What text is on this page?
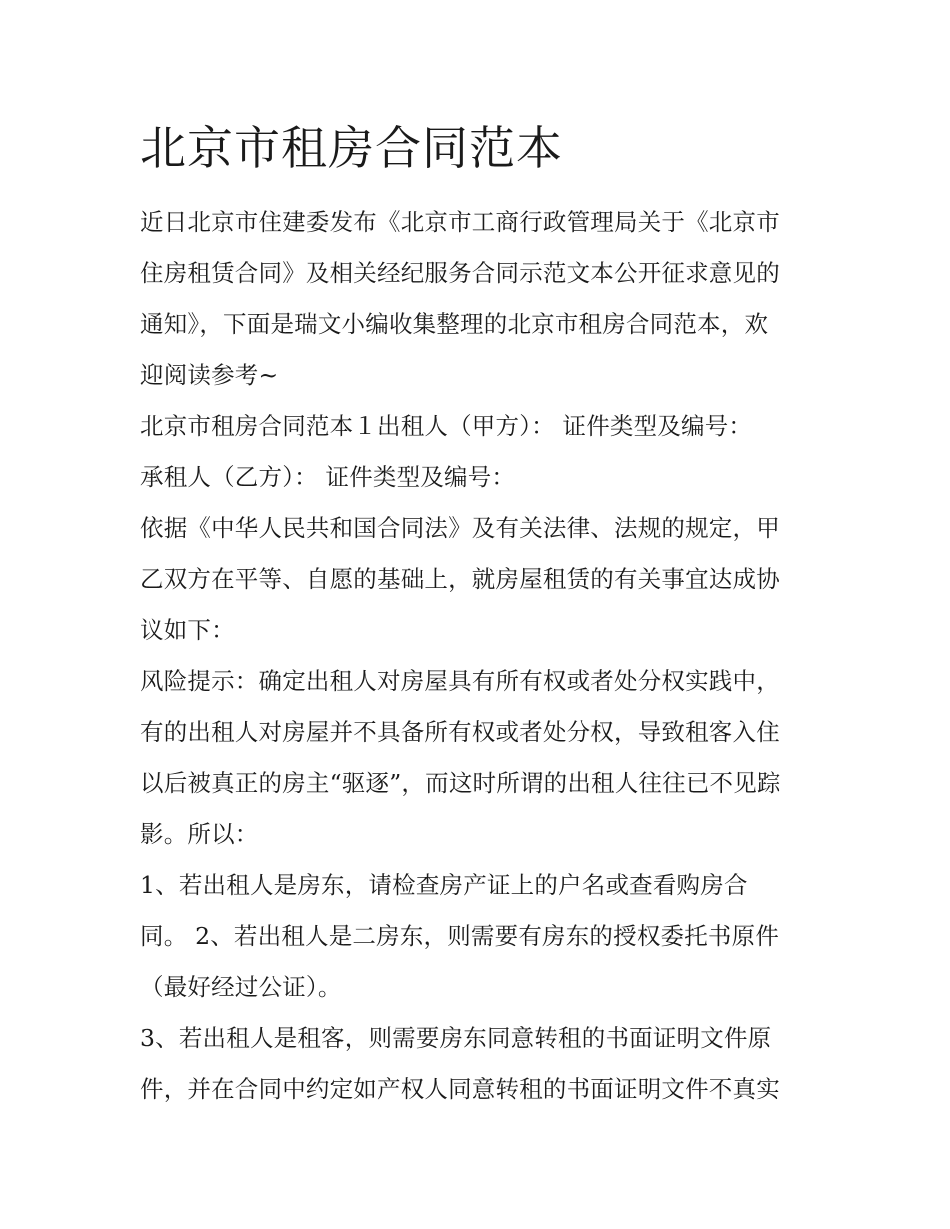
北京市租房合同范本
近日北京市住建委发布《北京市工商行政管理局关于《北京市
住房租赁合同》及相关经纪服务合同示范文本公开征求意见的
通知》，下面是瑞文小编收集整理的北京市租房合同范本，欢
迎阅读参考~
北京市租房合同范本１出租人（甲方）： 证件类型及编号：
承租人（乙方）： 证件类型及编号：
依据《中华人民共和国合同法》及有关法律、法规的规定，甲
乙双方在平等、自愿的基础上，就房屋租赁的有关事宜达成协
议如下：
风险提示：确定出租人对房屋具有所有权或者处分权实践中，
有的出租人对房屋并不具备所有权或者处分权，导致租客入住
以后被真正的房主“驱逐”，而这时所谓的出租人往往已不见踪
影。所以：
1、若出租人是房东，请检查房产证上的户名或查看购房合
同。 2、若出租人是二房东，则需要有房东的授权委托书原件
（最好经过公证）。
3、若出租人是租客，则需要房东同意转租的书面证明文件原
件，并在合同中约定如产权人同意转租的书面证明文件不真实
